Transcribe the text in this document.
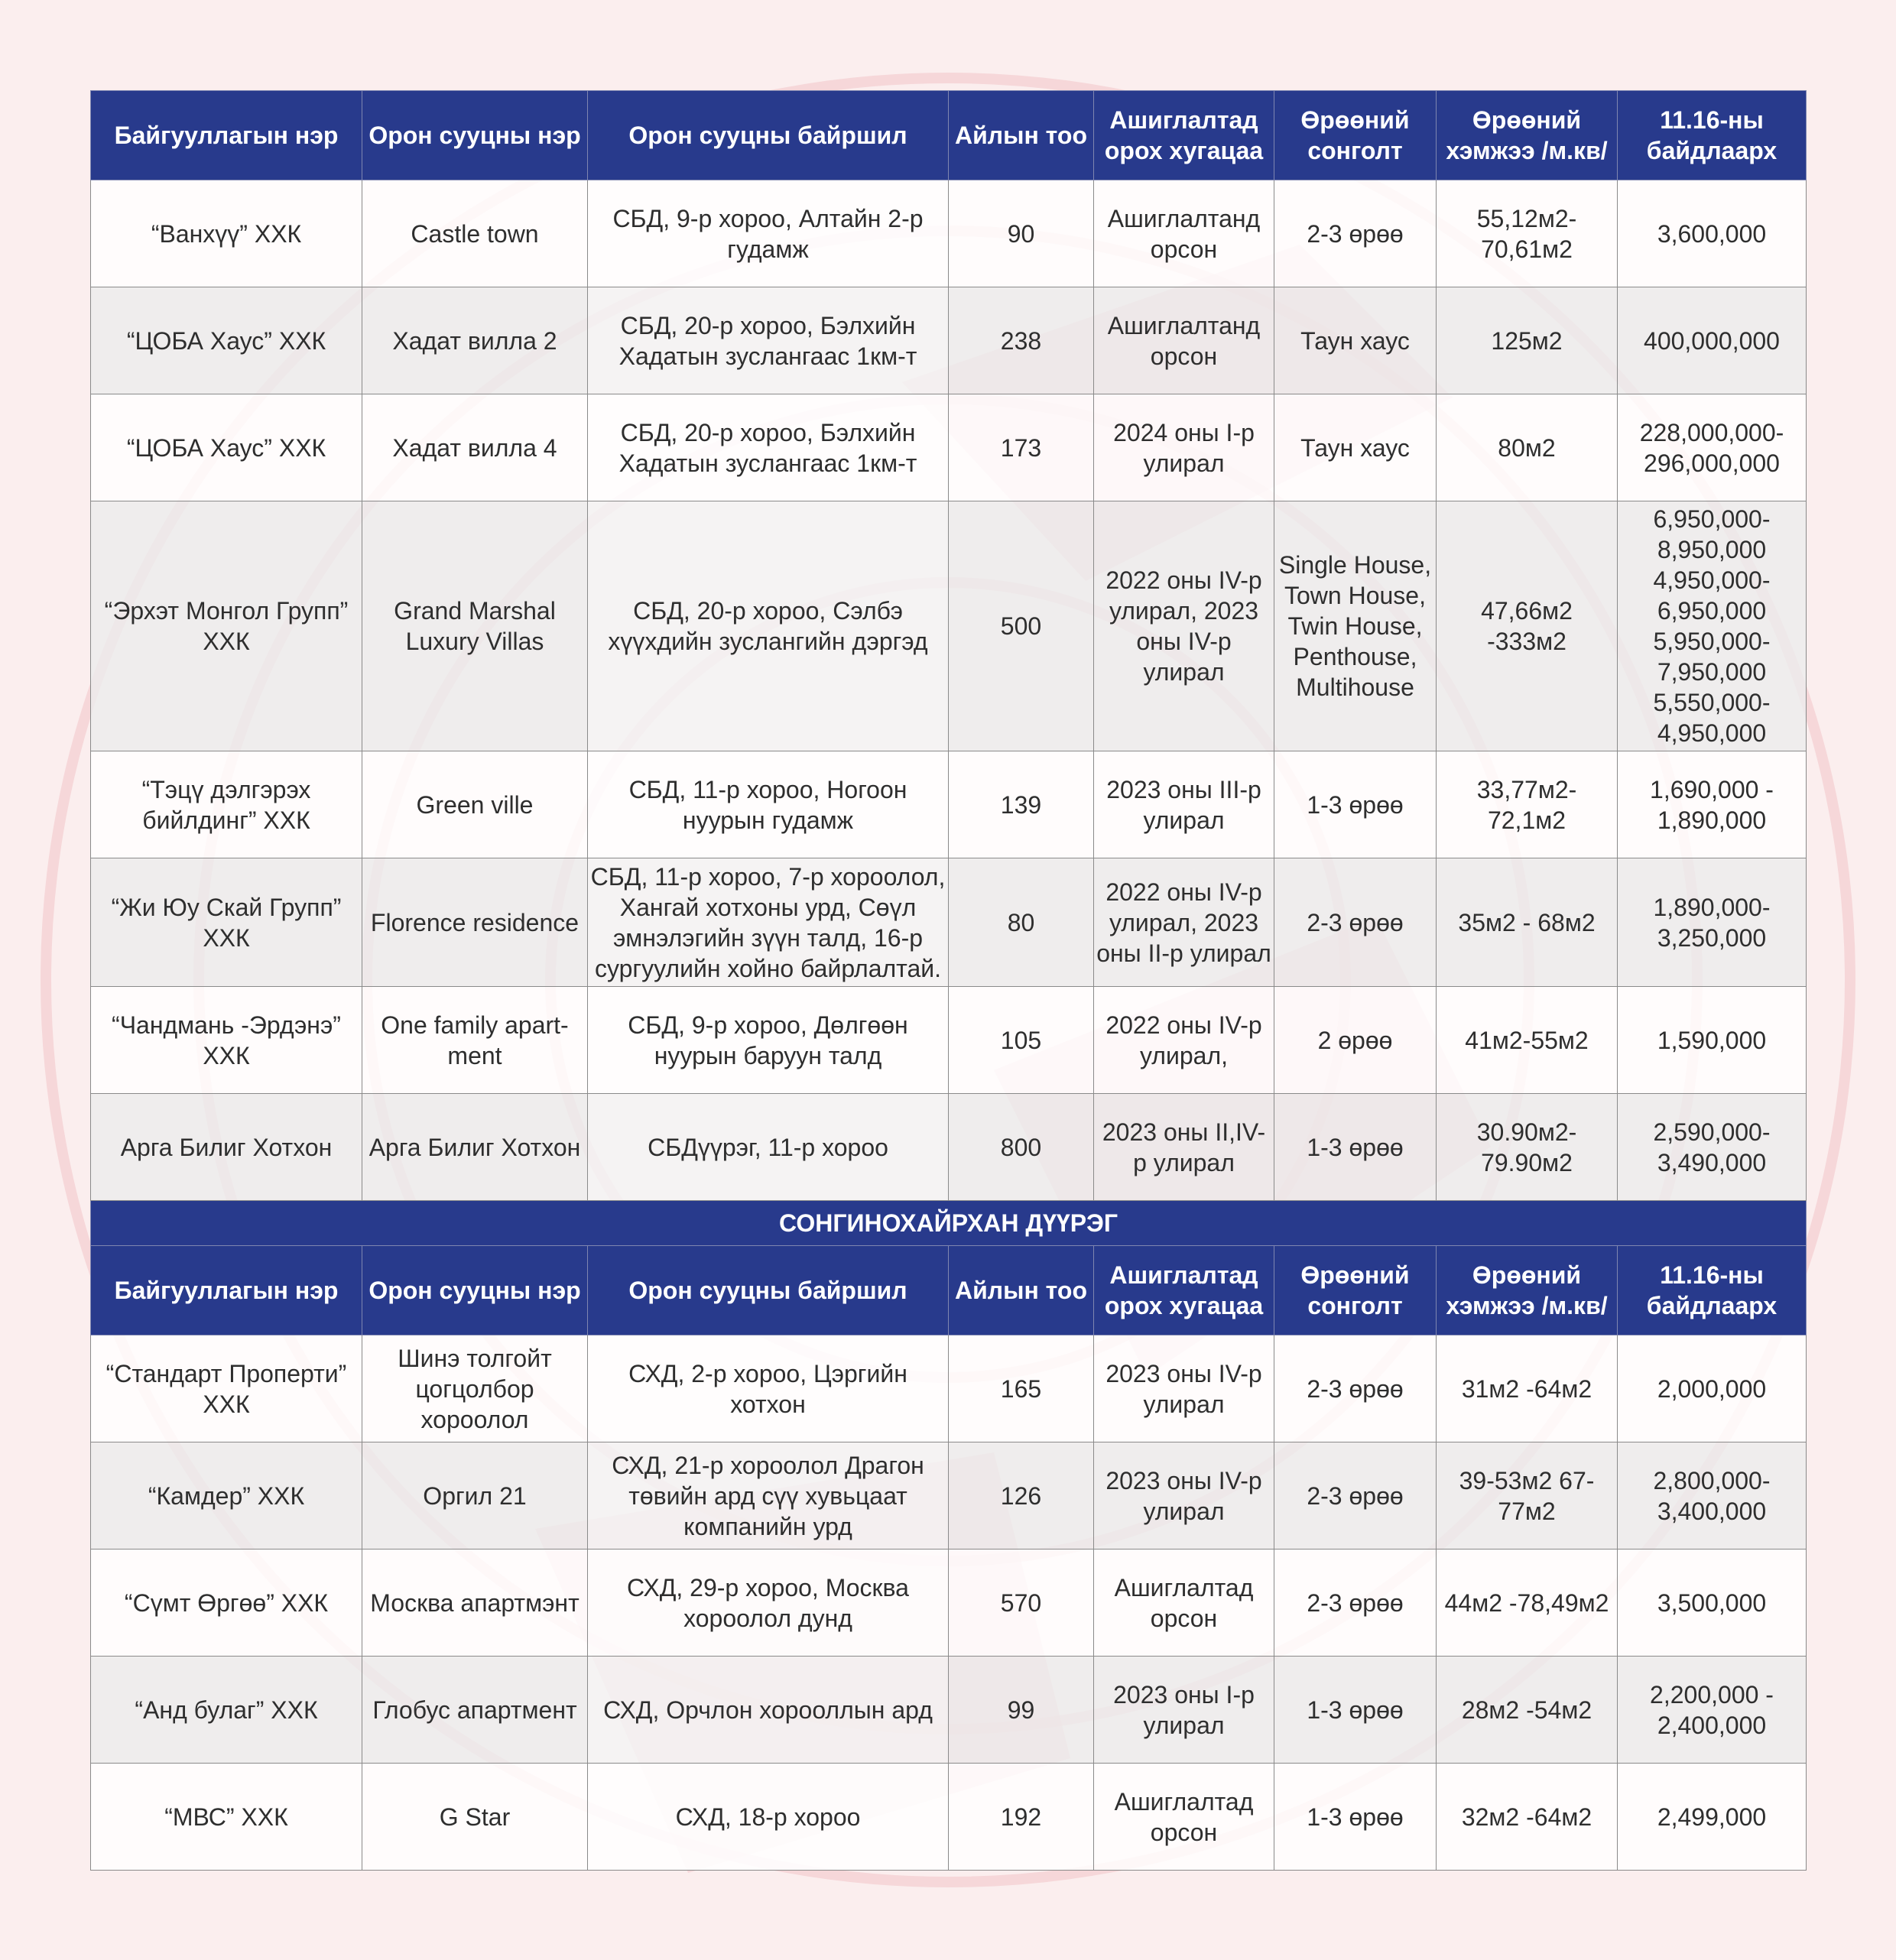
Байгууллагын нэр	Орон сууцны нэр	Орон сууцны байршил	Айлын тоо	Ашиглалтад орох хугацаа	Өрөөний сонголт	Өрөөний хэмжээ /м.кв/	11.16-ны байдлаарх
“Ванхүү” ХХК	Castle town	СБД, 9-р хороо, Алтайн 2-р гудамж	90	Ашиглалтанд орсон	2-3 өрөө	55,12м2-70,61м2	3,600,000
“ЦОБА Хаус” ХХК	Хадат вилла 2	СБД, 20-р хороо, Бэлхийн Хадатын зуслангаас 1км-т	238	Ашиглалтанд орсон	Таун хаус	125м2	400,000,000
“ЦОБА Хаус” ХХК	Хадат вилла 4	СБД, 20-р хороо, Бэлхийн Хадатын зуслангаас 1км-т	173	2024 оны I-р улирал	Таун хаус	80м2	228,000,000-296,000,000
“Эрхэт Монгол Групп” ХХК	Grand Marshal Luxury Villas	СБД, 20-р хороо, Сэлбэ хүүхдийн зуслангийн дэргэд	500	2022 оны IV-р улирал, 2023 оны IV-р улирал	Single House, Town House, Twin House, Penthouse, Multihouse	47,66м2 -333м2	6,950,000- 8,950,000 4,950,000- 6,950,000 5,950,000- 7,950,000 5,550,000- 4,950,000
“Тэцү дэлгэрэх бийлдинг” ХХК	Green ville	СБД, 11-р хороо, Ногоон нуурын гудамж	139	2023 оны III-р улирал	1-3 өрөө	33,77м2-72,1м2	1,690,000 - 1,890,000
“Жи Юу Скай Групп” ХХК	Florence residence	СБД, 11-р хороо, 7-р хороолол, Хангай хотхоны урд, Сөүл эмнэлэгийн зүүн талд, 16-р сургуулийн хойно байрлалтай.	80	2022 оны IV-р улирал, 2023 оны II-р улирал	2-3 өрөө	35м2 - 68м2	1,890,000-3,250,000
“Чандмань -Эрдэнэ” ХХК	One family apart-ment	СБД, 9-р хороо, Дөлгөөн нуурын баруун талд	105	2022 оны IV-р улирал,	2 өрөө	41м2-55м2	1,590,000
Арга Билиг Хотхон	Арга Билиг Хотхон	СБДүүрэг, 11-р хороо	800	2023 оны II,IV-р улирал	1-3 өрөө	30.90м2-79.90м2	2,590,000-3,490,000
СОНГИНОХАЙРХАН ДҮҮРЭГ							
Байгууллагын нэр	Орон сууцны нэр	Орон сууцны байршил	Айлын тоо	Ашиглалтад орох хугацаа	Өрөөний сонголт	Өрөөний хэмжээ /м.кв/	11.16-ны байдлаарх
“Стандарт Проперти” ХХК	Шинэ толгойт цогцолбор хороолол	СХД, 2-р хороо, Цэргийн хотхон	165	2023 оны IV-р улирал	2-3 өрөө	31м2 -64м2	2,000,000
“Камдер” ХХК	Оргил 21	СХД, 21-р хороолол Драгон төвийн ард сүү хувьцаат компанийн урд	126	2023 оны IV-р улирал	2-3 өрөө	39-53м2 67-77м2	2,800,000-3,400,000
“Сүмт Өргөө” ХХК	Москва апартмэнт	СХД, 29-р хороо, Москва хороолол дунд	570	Ашиглалтад орсон	2-3 өрөө	44м2 -78,49м2	3,500,000
“Анд булаг” ХХК	Глобус апартмент	СХД, Орчлон хорооллын ард	99	2023 оны I-р улирал	1-3 өрөө	28м2 -54м2	2,200,000 - 2,400,000
“МВС” ХХК	G Star	СХД, 18-р хороо	192	Ашиглалтад орсон	1-3 өрөө	32м2 -64м2	2,499,000
